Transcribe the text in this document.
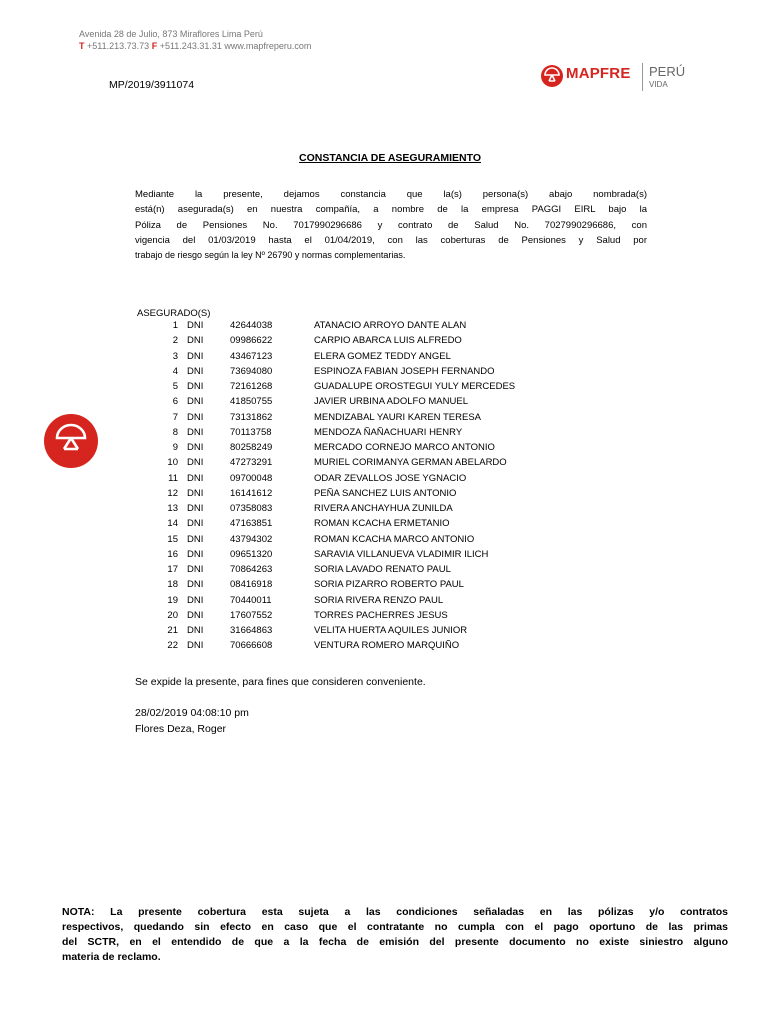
Avenida 28 de Julio, 873 Miraflores Lima Perú
T +511.213.73.73 F +511.243.31.31 www.mapfreperu.com
MP/2019/3911074
MAPFRE PERÚ
VIDA
CONSTANCIA DE ASEGURAMIENTO
Mediante la presente, dejamos constancia que la(s) persona(s) abajo nombrada(s)
está(n) asegurada(s) en nuestra compañía, a nombre de la empresa PAGGI EIRL bajo la
Póliza de Pensiones No. 7017990296686 y contrato de Salud No. 7027990296686, con
vigencia del 01/03/2019 hasta el 01/04/2019, con las coberturas de Pensiones y Salud por
trabajo de riesgo según la ley Nº 26790 y normas complementarias.
ASEGURADO(S)
1 DNI	42644038	ATANACIO ARROYO DANTE ALAN
2 DNI	09986622	CARPIO ABARCA LUIS ALFREDO
3 DNI	43467123	ELERA GOMEZ TEDDY ANGEL
4 DNI	73694080	ESPINOZA FABIAN JOSEPH FERNANDO
5 DNI	72161268	GUADALUPE OROSTEGUI YULY MERCEDES
6 DNI	41850755	JAVIER URBINA ADOLFO MANUEL
7 DNI	73131862	MENDIZABAL YAURI KAREN TERESA
8 DNI	70113758	MENDOZA ÑAÑACHUARI HENRY
9 DNI	80258249	MERCADO CORNEJO MARCO ANTONIO
10 DNI	47273291	MURIEL CORIMANYA GERMAN ABELARDO
11 DNI	09700048	ODAR ZEVALLOS JOSE YGNACIO
12 DNI	16141612	PEÑA SANCHEZ LUIS ANTONIO
13 DNI	07358083	RIVERA ANCHAYHUA ZUNILDA
14 DNI	47163851	ROMAN KCACHA ERMETANIO
15 DNI	43794302	ROMAN KCACHA MARCO ANTONIO
16 DNI	09651320	SARAVIA VILLANUEVA VLADIMIR ILICH
17 DNI	70864263	SORIA LAVADO RENATO PAUL
18 DNI	08416918	SORIA PIZARRO ROBERTO PAUL
19 DNI	70440011	SORIA RIVERA RENZO PAUL
20 DNI	17607552	TORRES PACHERRES JESUS
21 DNI	31664863	VELITA HUERTA AQUILES JUNIOR
22 DNI	70666608	VENTURA ROMERO MARQUIÑO
Se expide la presente, para fines que consideren conveniente.
28/02/2019 04:08:10 pm
Flores Deza, Roger
NOTA: La presente cobertura esta sujeta a las condiciones señaladas en las pólizas y/o contratos
respectivos, quedando sin efecto en caso que el contratante no cumpla con el pago oportuno de las primas
del SCTR, en el entendido de que a la fecha de emisión del presente documento no existe siniestro alguno
materia de reclamo.
